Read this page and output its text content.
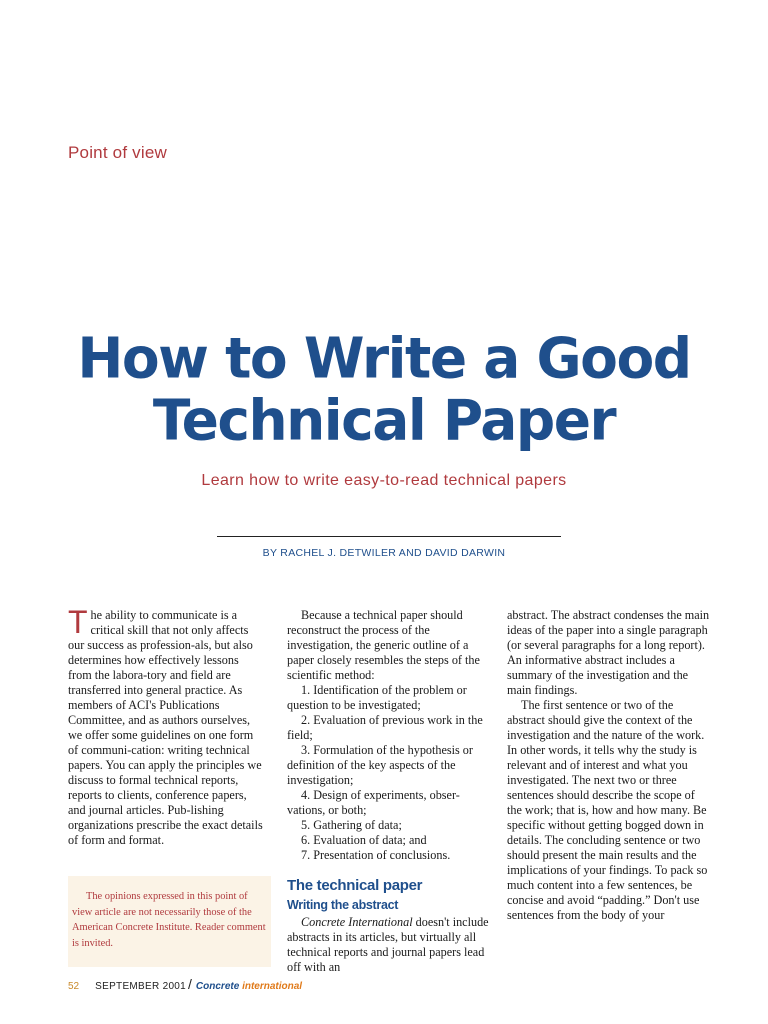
Point of view
How to Write a Good
Technical Paper
Learn how to write easy-to-read technical papers
BY RACHEL J. DETWILER AND DAVID DARWIN

The ability to communicate is a critical skill that not only affects our success as profession-als, but also determines how effectively lessons from the labora-tory and field are transferred into general practice. As members of ACI's Publications Committee, and as authors ourselves, we offer some guidelines on one form of communi-cation: writing technical papers. You can apply the principles we discuss to formal technical reports, reports to clients, conference papers, and journal articles. Pub-lishing organizations prescribe the exact details of form and format.

Because a technical paper should reconstruct the process of the investigation, the generic outline of a paper closely resembles the steps of the scientific method:

1. Identification of the problem or question to be investigated;

2. Evaluation of previous work in the field;

3. Formulation of the hypothesis or definition of the key aspects of the investigation;

4. Design of experiments, obser-vations, or both;

5. Gathering of data;

6. Evaluation of data; and

7. Presentation of conclusions.

The technical paper

Writing the abstract

Concrete International doesn't include abstracts in its articles, but virtually all technical reports and journal papers lead off with an

abstract. The abstract condenses the main ideas of the paper into a single paragraph (or several paragraphs for a long report). An informative abstract includes a summary of the investigation and the main findings.

The first sentence or two of the abstract should give the context of the investigation and the nature of the work. In other words, it tells why the study is relevant and of interest and what you investigated. The next two or three sentences should describe the scope of the work; that is, how and how many. Be specific without getting bogged down in details. The concluding sentence or two should present the main results and the implications of your findings. To pack so much content into a few sentences, be concise and avoid “padding.” Don't use sentences from the body of your

The opinions expressed in this point of view article are not necessarily those of the American Concrete Institute. Reader comment is invited.

52 SEPTEMBER 2001 / Concrete international
